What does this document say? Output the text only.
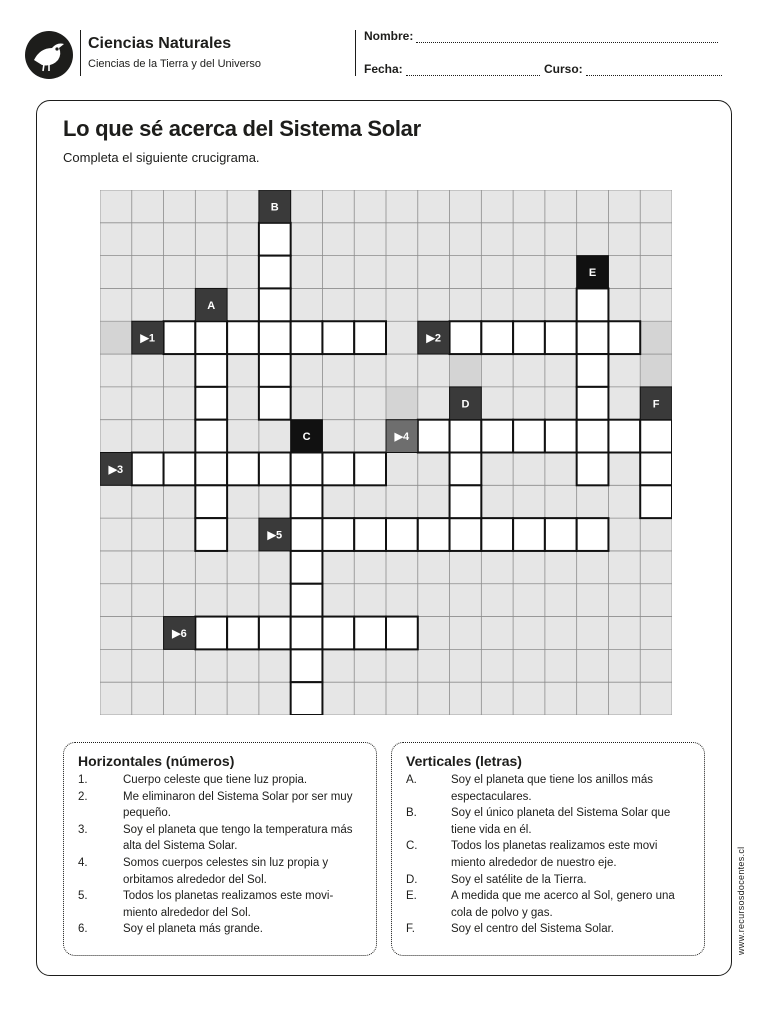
Ciencias Naturales
Ciencias de la Tierra y del Universo
Nombre:
Fecha:	Curso:
Lo que sé acerca del Sistema Solar
Completa el siguiente crucigrama.
▶1	▶2
▶3
▶4
▶5
▶6
A
B
C
D
E
F
Horizontales (números)
1.	Cuerpo celeste que tiene luz propia.
2.	Me eliminaron del Sistema Solar por ser muy pequeño.
3.	Soy el planeta que tengo la temperatura más alta del Sistema Solar.
4.	Somos cuerpos celestes sin luz propia y orbitamos alrededor del Sol.
5.	Todos los planetas realizamos este movi- miento alrededor del Sol.
6.	Soy el planeta más grande.
Verticales (letras)
A.	Soy el planeta que tiene los anillos más espectaculares.
B.	Soy el único planeta del Sistema Solar que tiene vida en él.
C.	Todos los planetas realizamos este movi miento alrededor de nuestro eje.
D.	Soy el satélite de la Tierra.
E.	A medida que me acerco al Sol, genero una cola de polvo y gas.
F.	Soy el centro del Sistema Solar.	www.recursosdocentes.cl
